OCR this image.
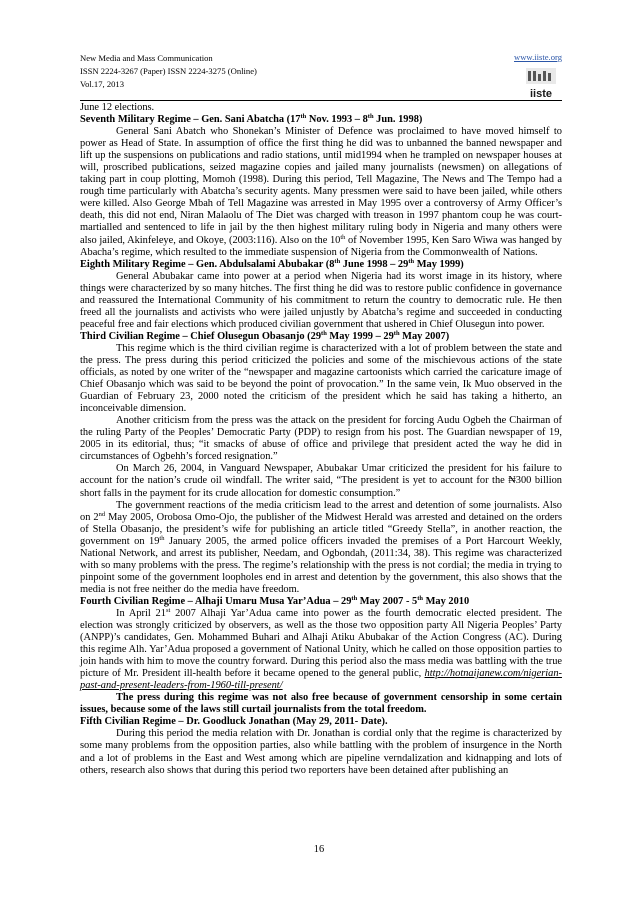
New Media and Mass Communication
ISSN 2224-3267 (Paper) ISSN 2224-3275 (Online)
Vol.17, 2013
www.iiste.org
iiste

June 12 elections.

Seventh Military Regime – Gen. Sani Abatcha (17th Nov. 1993 – 8th Jun. 1998)

General Sani Abatch who Shonekan’s Minister of Defence was proclaimed to have moved himself to power as Head of State. In assumption of office the first thing he did was to unbanned the banned newspaper and lift up the suspensions on publications and radio stations, until mid1994 when he trampled on newspaper houses at will, proscribed publications, seized magazine copies and jailed many journalists (newsmen) on allegations of taking part in coup plotting, Momoh (1998). During this period, Tell Magazine, The News and The Tempo had a rough time particularly with Abatcha’s security agents. Many pressmen were said to have been jailed, while others were killed. Also George Mbah of Tell Magazine was arrested in May 1995 over a controversy of Army Officer’s death, this did not end, Niran Malaolu of The Diet was charged with treason in 1997 phantom coup he was court-martialled and sentenced to life in jail by the then highest military ruling body in Nigeria and many others were also jailed, Akinfeleye, and Okoye, (2003:116). Also on the 10th of November 1995, Ken Saro Wiwa was hanged by Abacha’s regime, which resulted to the immediate suspension of Nigeria from the Commonwealth of Nations.

Eighth Military Regime – Gen. Abdulsalami Abubakar (8th June 1998 – 29th May 1999)

General Abubakar came into power at a period when Nigeria had its worst image in its history, where things were characterized by so many hitches. The first thing he did was to restore public confidence in governance and reassured the International Community of his commitment to return the country to democratic rule. He then freed all the journalists and activists who were jailed unjustly by Abatcha’s regime and succeeded in conducting peaceful free and fair elections which produced civilian government that ushered in Chief Olusegun into power.

Third Civilian Regime – Chief Olusegun Obasanjo (29th May 1999 – 29th May 2007)

This regime which is the third civilian regime is characterized with a lot of problem between the state and the press. The press during this period criticized the policies and some of the mischievous actions of the state officials, as noted by one writer of the “newspaper and magazine cartoonists which carried the caricature image of Chief Obasanjo which was said to be beyond the point of provocation.” In the same vein, Ik Muo observed in the Guardian of February 23, 2000 noted the criticism of the president which he said has taking a hitherto, an inconceivable dimension.

Another criticism from the press was the attack on the president for forcing Audu Ogbeh the Chairman of the ruling Party of the Peoples’ Democratic Party (PDP) to resign from his post. The Guardian newspaper of 19, 2005 in its editorial, thus; “it smacks of abuse of office and privilege that president acted the way he did in circumstances of Ogbehh’s forced resignation.”

On March 26, 2004, in Vanguard Newspaper, Abubakar Umar criticized the president for his failure to account for the nation’s crude oil windfall. The writer said, “The president is yet to account for the ₦300 billion short falls in the payment for its crude allocation for domestic consumption.”

The government reactions of the media criticism lead to the arrest and detention of some journalists. Also on 2nd May 2005, Orobosa Omo-Ojo, the publisher of the Midwest Herald was arrested and detained on the orders of Stella Obasanjo, the president’s wife for publishing an article titled “Greedy Stella”, in another reaction, the government on 19th January 2005, the armed police officers invaded the premises of a Port Harcourt Weekly, National Network, and arrest its publisher, Needam, and Ogbondah, (2011:34, 38). This regime was characterized with so many problems with the press. The regime’s relationship with the press is not cordial; the media in trying to pinpoint some of the government loopholes end in arrest and detention by the government, this also shows that the media is not free neither do the media have freedom.

Fourth Civilian Regime – Alhaji Umaru Musa Yar’Adua – 29th May 2007 - 5th May 2010

In April 21st 2007 Alhaji Yar’Adua came into power as the fourth democratic elected president. The election was strongly criticized by observers, as well as the those two opposition party All Nigeria Peoples’ Party (ANPP)’s candidates, Gen. Mohammed Buhari and Alhaji Atiku Abubakar of the Action Congress (AC). During this regime Alh. Yar’Adua proposed a government of National Unity, which he called on those opposition parties to join hands with him to move the country forward. During this period also the mass media was battling with the true picture of Mr. President ill-health before it became opened to the general public, http://hotnaijanew.com/nigerian-past-and-present-leaders-from-1960-till-present/

The press during this regime was not also free because of government censorship in some certain issues, because some of the laws still curtail journalists from the total freedom.

Fifth Civilian Regime – Dr. Goodluck Jonathan (May 29, 2011- Date).

During this period the media relation with Dr. Jonathan is cordial only that the regime is characterized by some many problems from the opposition parties, also while battling with the problem of insurgence in the North and a lot of problems in the East and West among which are pipeline verndalization and kidnapping and lots of others, research also shows that during this period two reporters have been detained after publishing an

16
